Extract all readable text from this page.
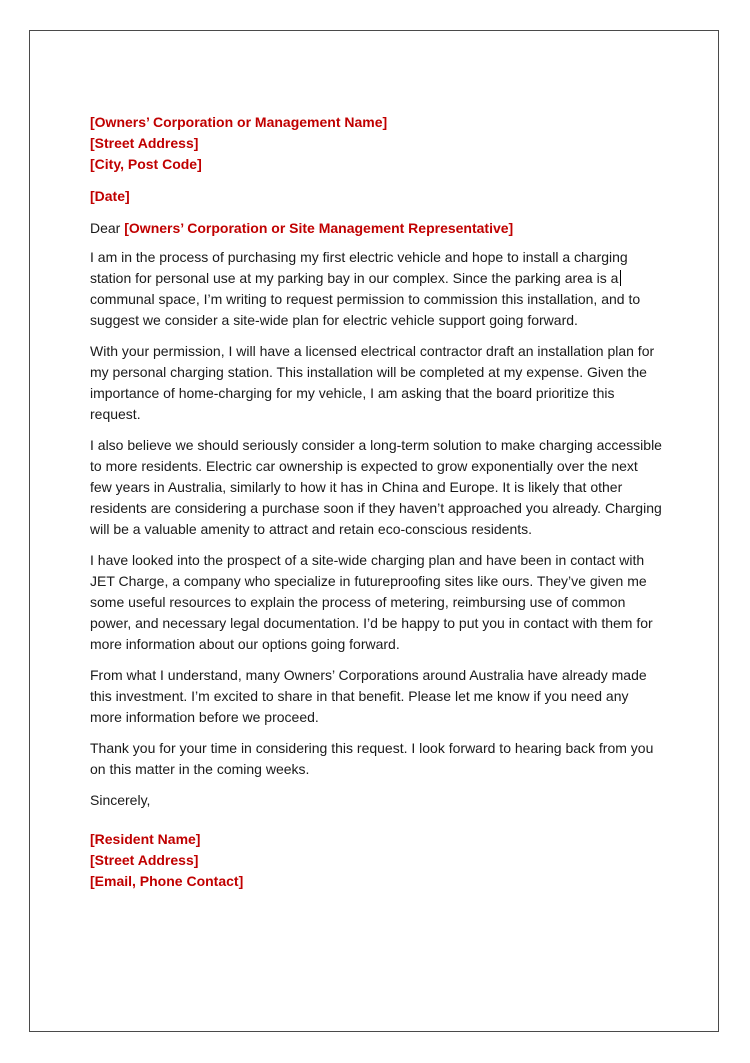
[Owners’ Corporation or Management Name]
[Street Address]
[City, Post Code]
[Date]

Dear [Owners’ Corporation or Site Management Representative]

I am in the process of purchasing my first electric vehicle and hope to install a charging station for personal use at my parking bay in our complex. Since the parking area is a communal space, I’m writing to request permission to commission this installation, and to suggest we consider a site-wide plan for electric vehicle support going forward.

With your permission, I will have a licensed electrical contractor draft an installation plan for my personal charging station. This installation will be completed at my expense. Given the importance of home-charging for my vehicle, I am asking that the board prioritize this request.

I also believe we should seriously consider a long-term solution to make charging accessible to more residents. Electric car ownership is expected to grow exponentially over the next few years in Australia, similarly to how it has in China and Europe. It is likely that other residents are considering a purchase soon if they haven’t approached you already. Charging will be a valuable amenity to attract and retain eco-conscious residents.

I have looked into the prospect of a site-wide charging plan and have been in contact with JET Charge, a company who specialize in futureproofing sites like ours. They’ve given me some useful resources to explain the process of metering, reimbursing use of common power, and necessary legal documentation. I’d be happy to put you in contact with them for more information about our options going forward.

From what I understand, many Owners’ Corporations around Australia have already made this investment. I’m excited to share in that benefit. Please let me know if you need any more information before we proceed.

Thank you for your time in considering this request. I look forward to hearing back from you on this matter in the coming weeks.

Sincerely,

[Resident Name]
[Street Address]
[Email, Phone Contact]
